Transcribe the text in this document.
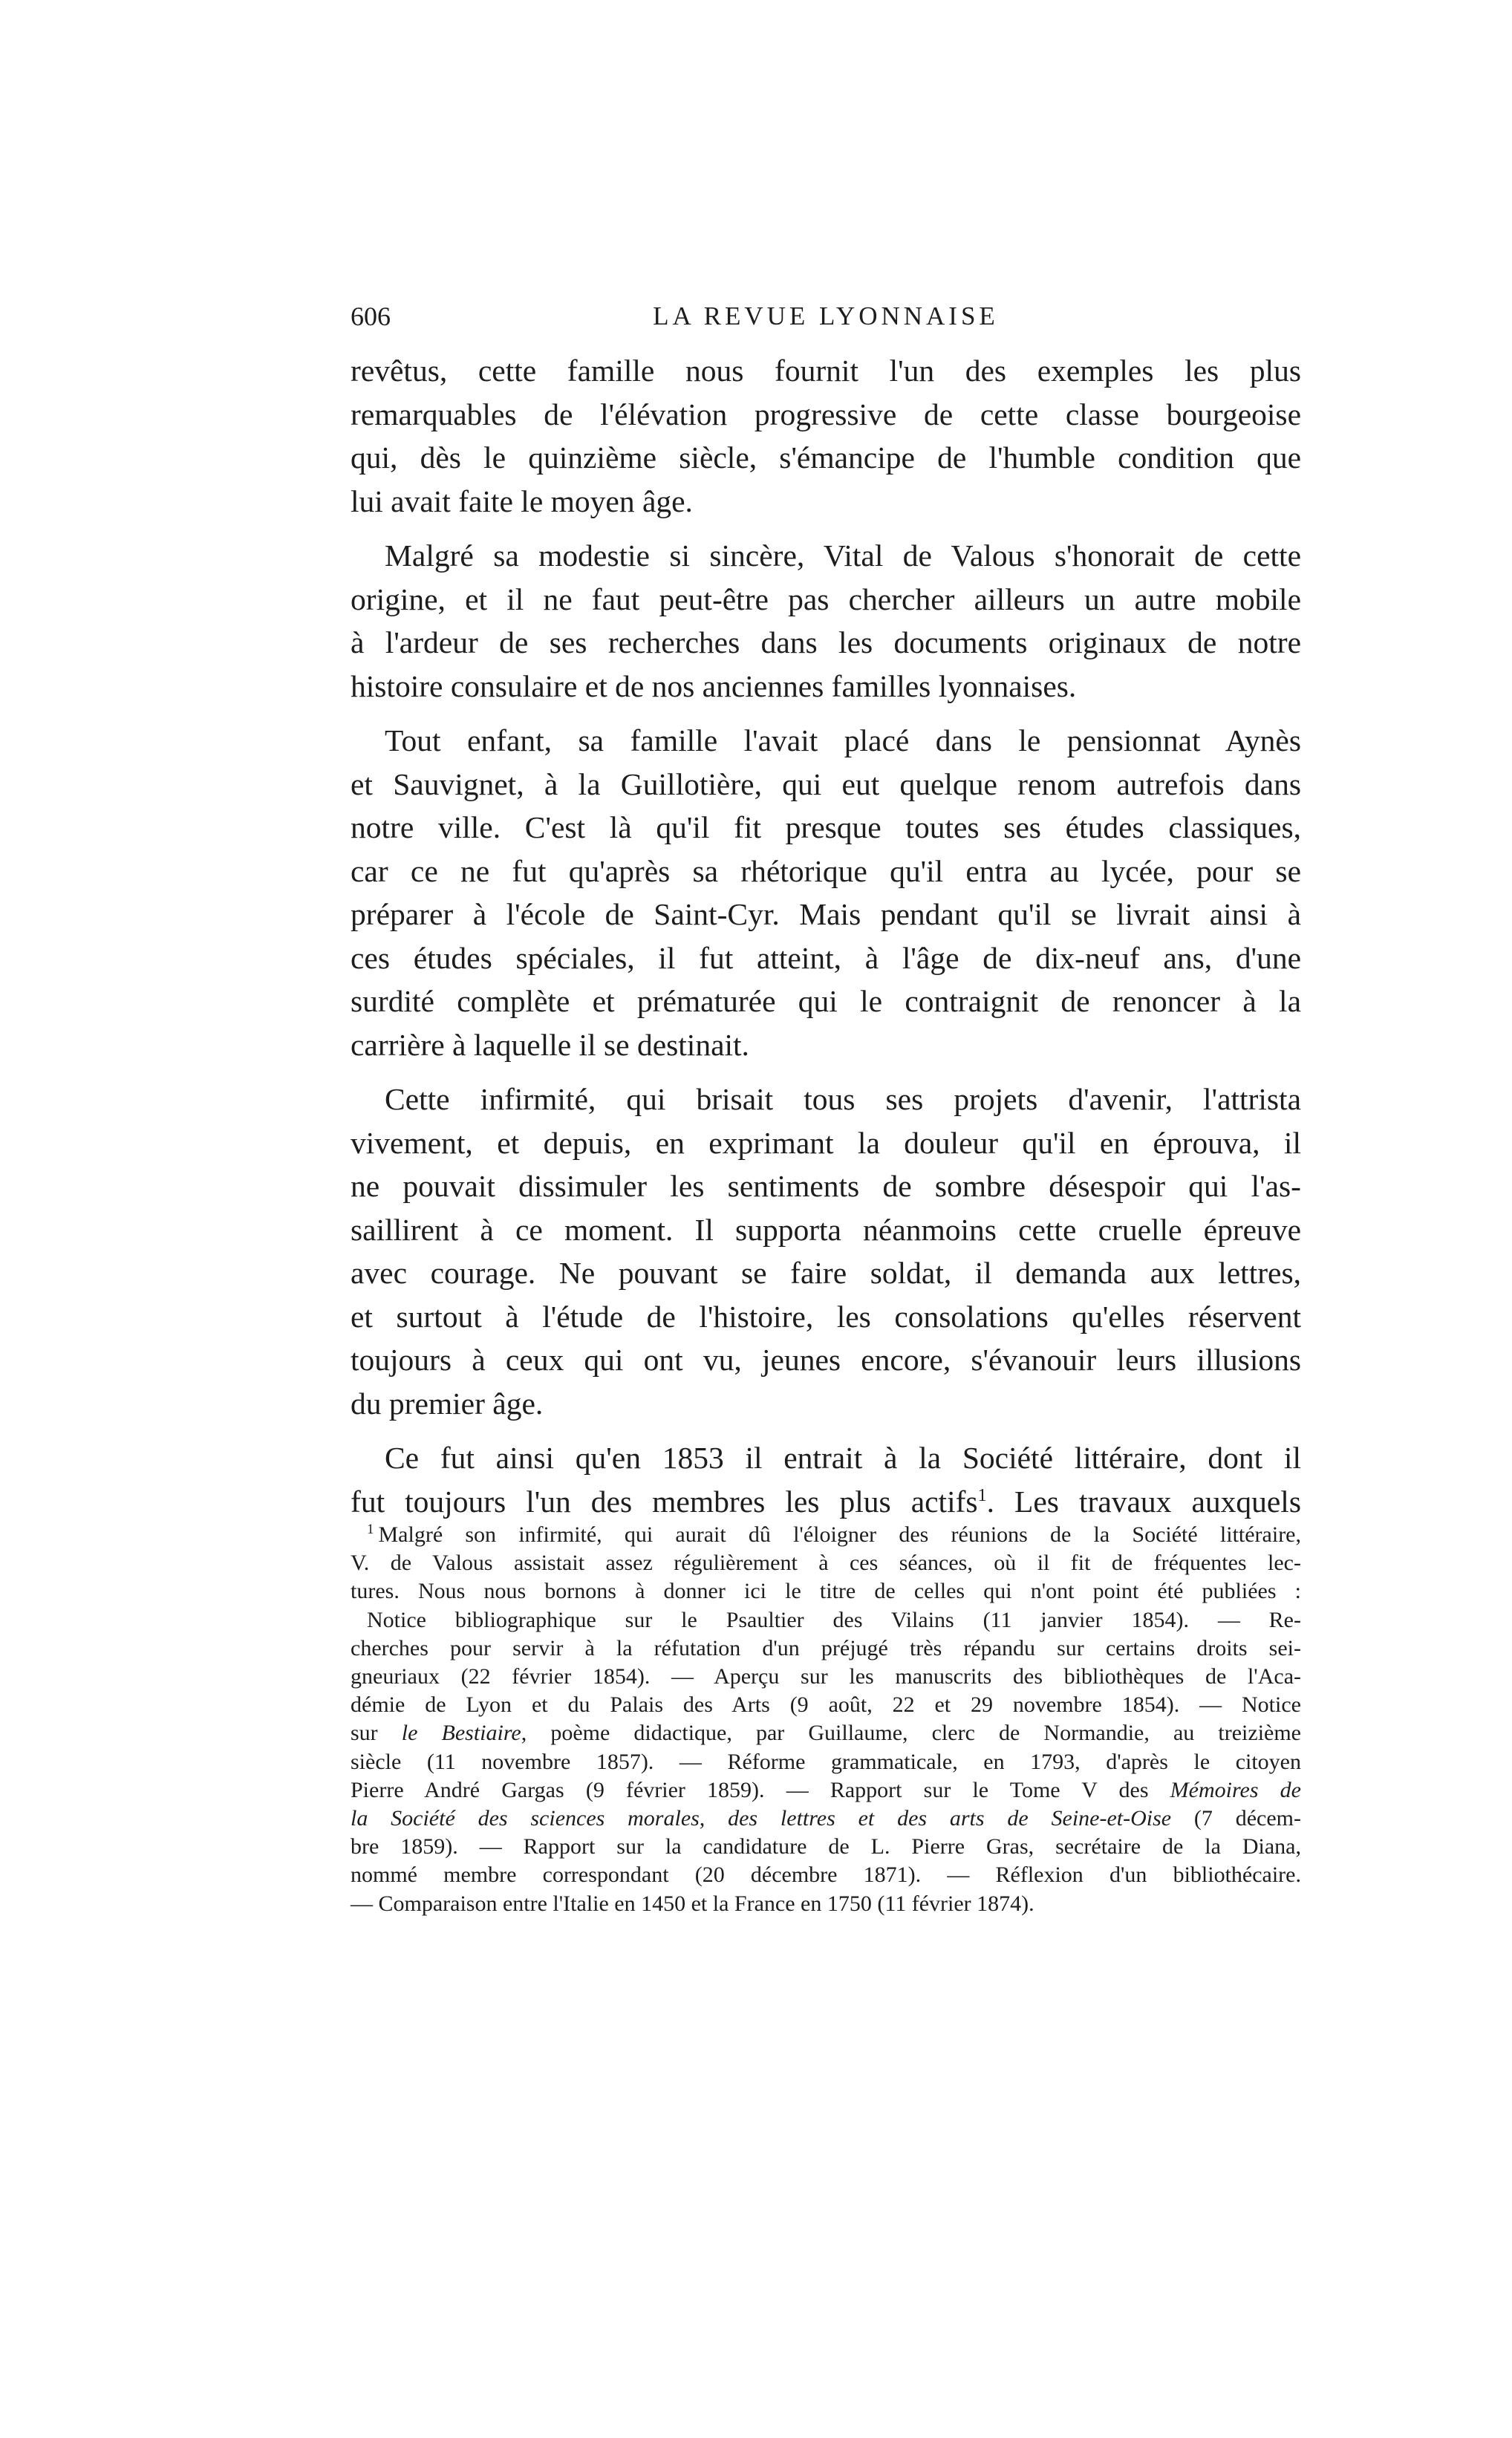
606	LA REVUE LYONNAISE

revêtus, cette famille nous fournit l'un des exemples les plus
remarquables de l'élévation progressive de cette classe bourgeoise
qui, dès le quinzième siècle, s'émancipe de l'humble condition que
lui avait faite le moyen âge.

Malgré sa modestie si sincère, Vital de Valous s'honorait de cette
origine, et il ne faut peut-être pas chercher ailleurs un autre mobile
à l'ardeur de ses recherches dans les documents originaux de notre
histoire consulaire et de nos anciennes familles lyonnaises.

Tout enfant, sa famille l'avait placé dans le pensionnat Aynès
et Sauvignet, à la Guillotière, qui eut quelque renom autrefois dans
notre ville. C'est là qu'il fit presque toutes ses études classiques,
car ce ne fut qu'après sa rhétorique qu'il entra au lycée, pour se
préparer à l'école de Saint-Cyr. Mais pendant qu'il se livrait ainsi à
ces études spéciales, il fut atteint, à l'âge de dix-neuf ans, d'une
surdité complète et prématurée qui le contraignit de renoncer à la
carrière à laquelle il se destinait.

Cette infirmité, qui brisait tous ses projets d'avenir, l'attrista
vivement, et depuis, en exprimant la douleur qu'il en éprouva, il
ne pouvait dissimuler les sentiments de sombre désespoir qui l'as-
saillirent à ce moment. Il supporta néanmoins cette cruelle épreuve
avec courage. Ne pouvant se faire soldat, il demanda aux lettres,
et surtout à l'étude de l'histoire, les consolations qu'elles réservent
toujours à ceux qui ont vu, jeunes encore, s'évanouir leurs illusions
du premier âge.

Ce fut ainsi qu'en 1853 il entrait à la Société littéraire, dont il
fut toujours l'un des membres les plus actifs$^1$. Les travaux auxquels

$^1$ Malgré son infirmité, qui aurait dû l'éloigner des réunions de la Société littéraire,
V. de Valous assistait assez régulièrement à ces séances, où il fit de fréquentes lec-
tures. Nous nous bornons à donner ici le titre de celles qui n'ont point été publiées :
Notice bibliographique sur le Psaultier des Vilains (11 janvier 1854). — Re-
cherches pour servir à la réfutation d'un préjugé très répandu sur certains droits sei-
gneuriaux (22 février 1854). — Aperçu sur les manuscrits des bibliothèques de l'Aca-
démie de Lyon et du Palais des Arts (9 août, 22 et 29 novembre 1854). — Notice
sur le Bestiaire, poème didactique, par Guillaume, clerc de Normandie, au treizième
siècle (11 novembre 1857). — Réforme grammaticale, en 1793, d'après le citoyen
Pierre André Gargas (9 février 1859). — Rapport sur le Tome V des Mémoires de
la Société des sciences morales, des lettres et des arts de Seine-et-Oise (7 décem-
bre 1859). — Rapport sur la candidature de L. Pierre Gras, secrétaire de la Diana,
nommé membre correspondant (20 décembre 1871). — Réflexion d'un bibliothécaire.
— Comparaison entre l'Italie en 1450 et la France en 1750 (11 février 1874).
